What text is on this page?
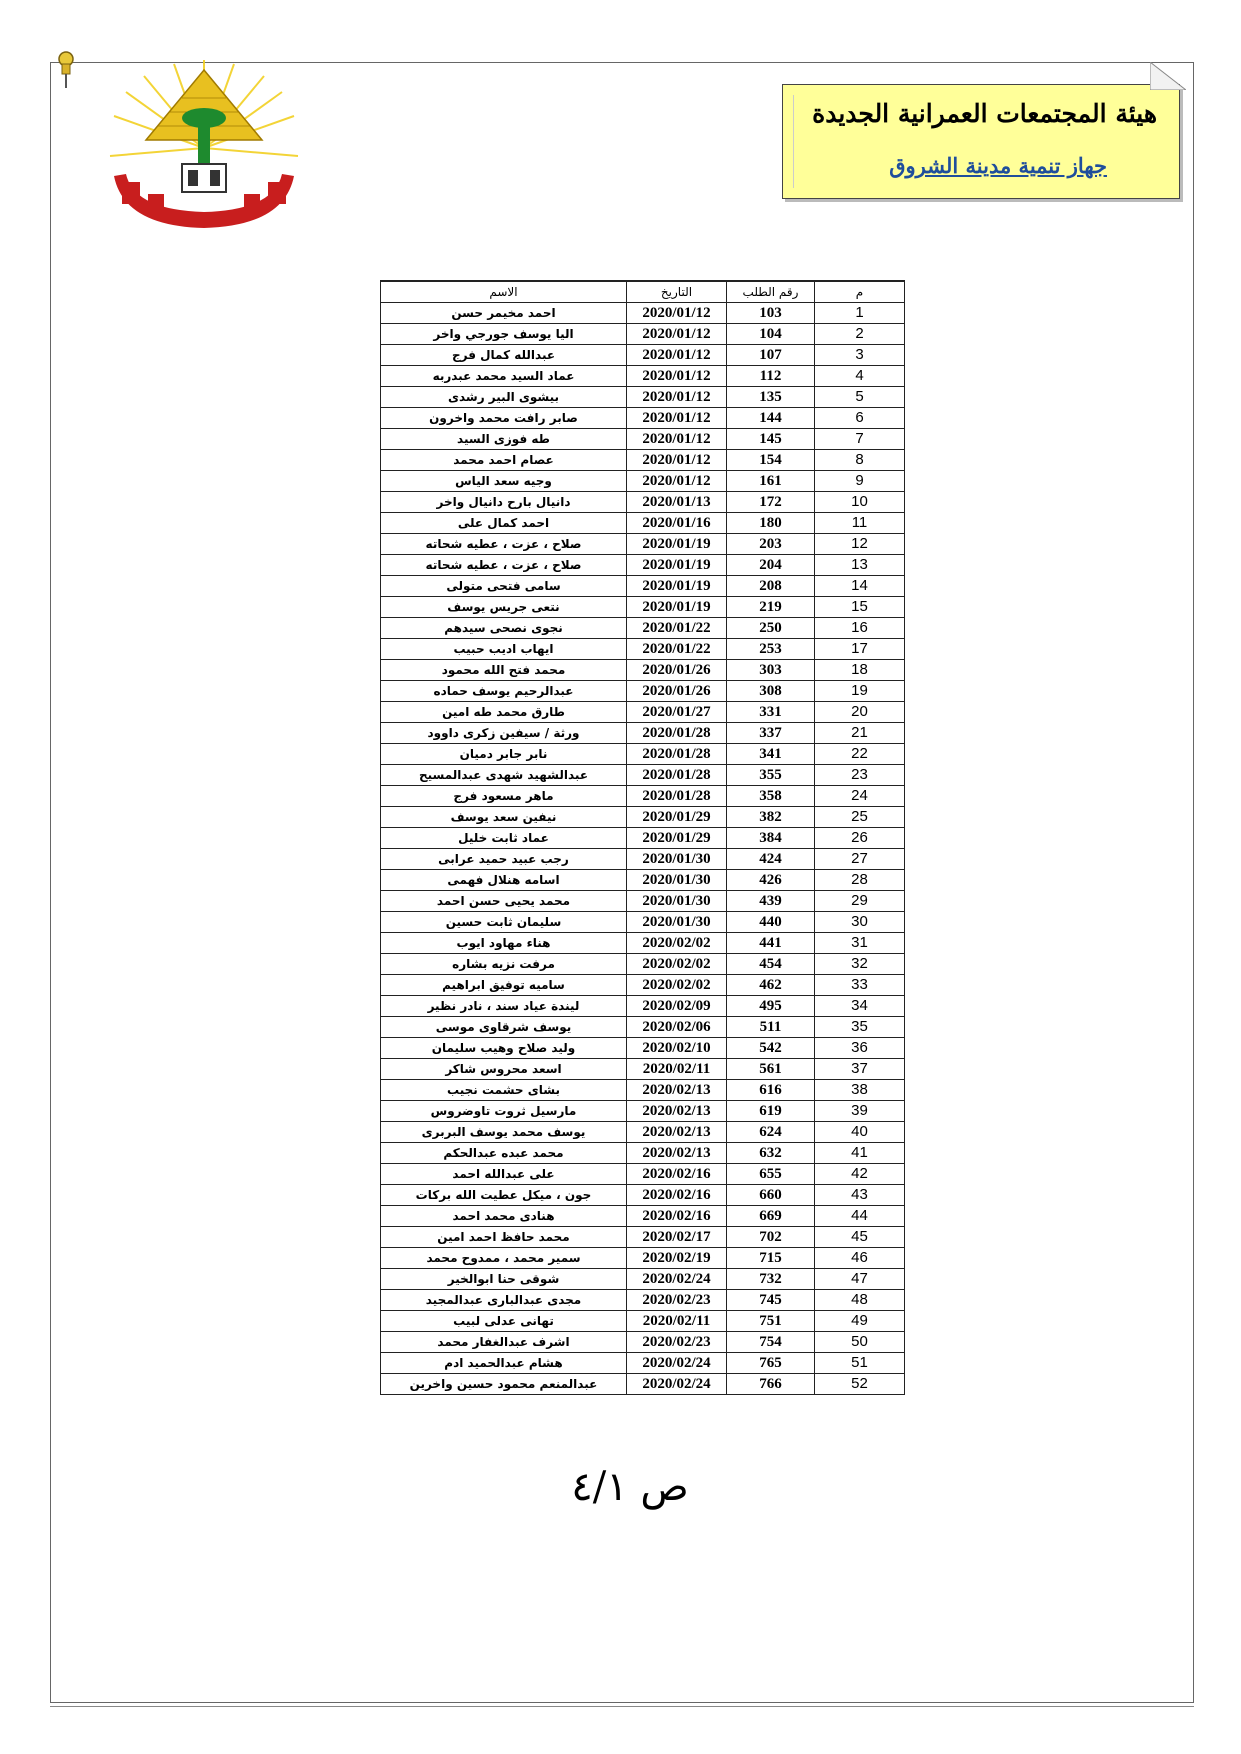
هيئة المجتمعات العمرانية الجديدة
جهاز تنمية مدينة الشروق
الاسم	التاريخ	رقم الطلب	م
احمد مخيمر حسن	2020/01/12	103	1
اليا يوسف جورجي واخر	2020/01/12	104	2
عبدالله كمال فرج	2020/01/12	107	3
عماد السيد محمد عبدربه	2020/01/12	112	4
بيشوى البير رشدى	2020/01/12	135	5
صابر رافت محمد واخرون	2020/01/12	144	6
طه فوزى السيد	2020/01/12	145	7
عصام احمد محمد	2020/01/12	154	8
وجيه سعد الياس	2020/01/12	161	9
دانيال بارح دانيال واخر	2020/01/13	172	10
احمد كمال على	2020/01/16	180	11
صلاح ، عزت ، عطيه شحاته	2020/01/19	203	12
صلاح ، عزت ، عطيه شحاته	2020/01/19	204	13
سامى فتحى متولى	2020/01/19	208	14
نتعى جريس يوسف	2020/01/19	219	15
نجوى نصحى سيدهم	2020/01/22	250	16
ايهاب اديب حبيب	2020/01/22	253	17
محمد فتح الله محمود	2020/01/26	303	18
عبدالرحيم يوسف حماده	2020/01/26	308	19
طارق محمد طه امين	2020/01/27	331	20
ورثة / سيفين زكرى داوود	2020/01/28	337	21
نابر جابر دميان	2020/01/28	341	22
عبدالشهيد شهدى عبدالمسيح	2020/01/28	355	23
ماهر مسعود فرج	2020/01/28	358	24
نيفين سعد يوسف	2020/01/29	382	25
عماد ثابت خليل	2020/01/29	384	26
رجب عبيد حميد عرابى	2020/01/30	424	27
اسامه هنلال فهمى	2020/01/30	426	28
محمد يحيى حسن احمد	2020/01/30	439	29
سليمان ثابت حسين	2020/01/30	440	30
هناء مهاود ايوب	2020/02/02	441	31
مرفت نزيه بشاره	2020/02/02	454	32
ساميه توفيق ابراهيم	2020/02/02	462	33
ليندة عياد سند ، نادر نظير	2020/02/09	495	34
يوسف شرقاوى موسى	2020/02/06	511	35
وليد صلاح وهيب سليمان	2020/02/10	542	36
اسعد محروس شاكر	2020/02/11	561	37
بشاى حشمت نجيب	2020/02/13	616	38
مارسيل ثروت تاوضروس	2020/02/13	619	39
يوسف محمد يوسف البربرى	2020/02/13	624	40
محمد عبده عبدالحكم	2020/02/13	632	41
على عبدالله احمد	2020/02/16	655	42
جون ، ميكل عطيت الله بركات	2020/02/16	660	43
هنادى محمد احمد	2020/02/16	669	44
محمد حافظ احمد امين	2020/02/17	702	45
سمير محمد ، ممدوح محمد	2020/02/19	715	46
شوقى حنا ابوالخير	2020/02/24	732	47
مجدى عبدالبارى عبدالمجيد	2020/02/23	745	48
تهانى عدلى لبيب	2020/02/11	751	49
اشرف عبدالغفار محمد	2020/02/23	754	50
هشام عبدالحميد ادم	2020/02/24	765	51
عبدالمنعم محمود حسين واخرين	2020/02/24	766	52
ص ٤/١
